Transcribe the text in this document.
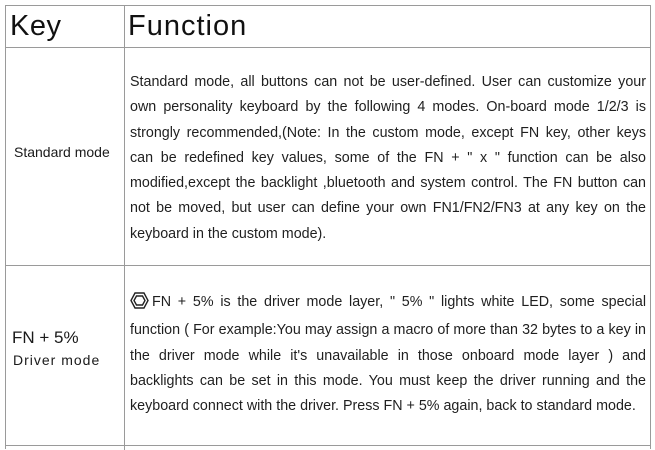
Key Function
Standard mode
Standard mode, all buttons can not be user-defined. User can customize your own personality keyboard by the following 4 modes. On-board mode 1/2/3 is strongly recommended,(Note: In the custom mode, except FN key, other keys can be redefined key values, some of the FN + " x " function can be also modified,except the backlight ,bluetooth and system control. The FN button can not be moved, but user can define your own FN1/FN2/FN3 at any key on the keyboard in the custom mode).
FN + 5%
Driver mode
FN + 5% is the driver mode layer, " 5% " lights white LED, some special function ( For example:You may assign a macro of more than 32 bytes to a key in the driver mode while it's unavailable in those onboard mode layer ) and backlights can be set in this mode. You must keep the driver running and the keyboard connect with the driver. Press FN + 5% again, back to standard mode.
